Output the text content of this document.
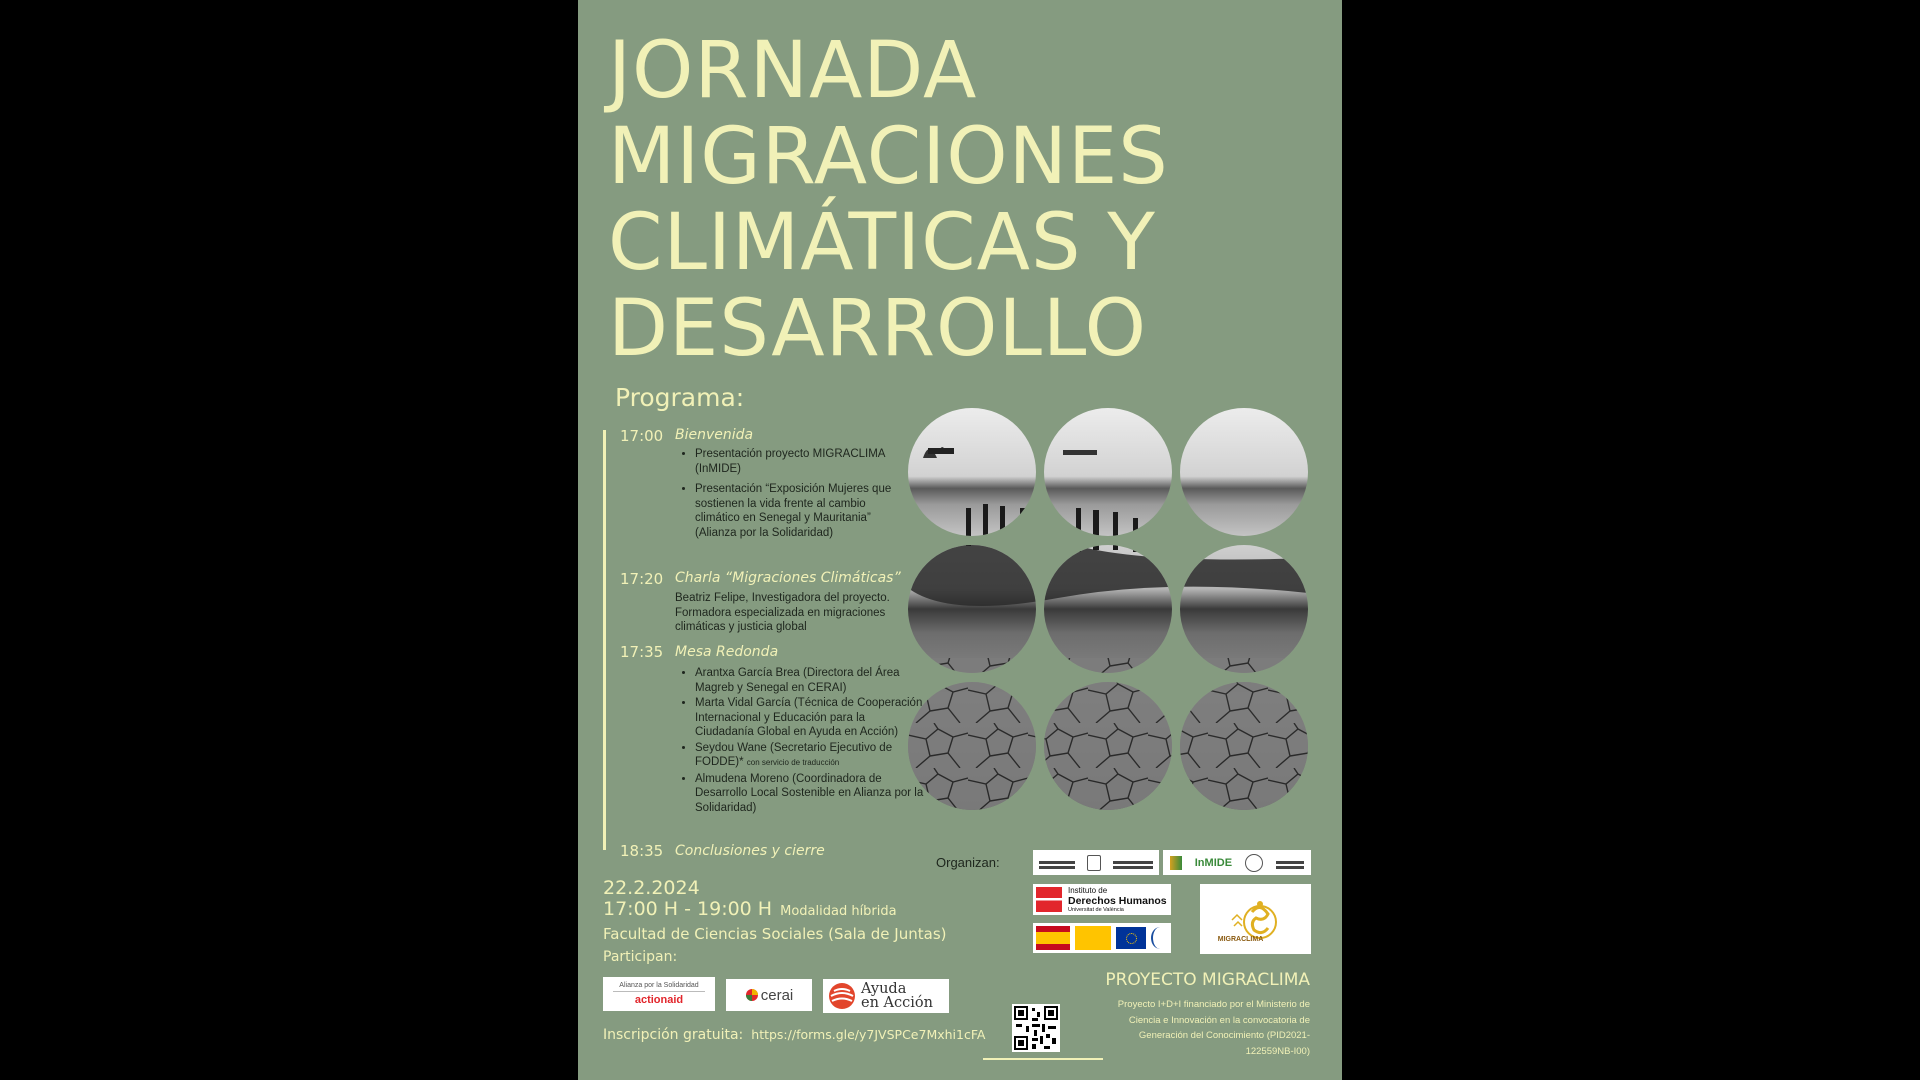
JORNADA
MIGRACIONES
CLIMÁTICAS Y
DESARROLLO
Programa:
17:00 Bienvenida
• Presentación proyecto MIGRACLIMA (InMIDE)
• Presentación “Exposición Mujeres que sostienen la vida frente al cambio climático en Senegal y Mauritania” (Alianza por la Solidaridad)
17:20 Charla “Migraciones Climáticas”
Beatriz Felipe, Investigadora del proyecto. Formadora especializada en migraciones climáticas y justicia global
17:35 Mesa Redonda
• Arantxa García Brea (Directora del Área Magreb y Senegal en CERAI)
• Marta Vidal García (Técnica de Cooperación Internacional y Educación para la Ciudadanía Global en Ayuda en Acción)
• Seydou Wane (Secretario Ejecutivo de FODDE)* con servicio de traducción
• Almudena Moreno (Coordinadora de Desarrollo Local Sostenible en Alianza por la Solidaridad)
18:35 Conclusiones y cierre
22.2.2024
17:00 H - 19:00 H Modalidad híbrida
Facultad de Ciencias Sociales (Sala de Juntas)
Participan:
Alianza por la Solidaridad
actionaid	cerai	Ayuda
en Acción
Inscripción gratuita: https://forms.gle/y7JVSPCe7Mxhi1cFA
Organizan:	InMIDE
Instituto de
Derechos Humanos
Universitat de València
MIGRACLIMA
PROYECTO MIGRACLIMA
Proyecto I+D+I financiado por el Ministerio de Ciencia e Innovación en la convocatoria de Generación del Conocimiento (PID2021-122559NB-I00)
